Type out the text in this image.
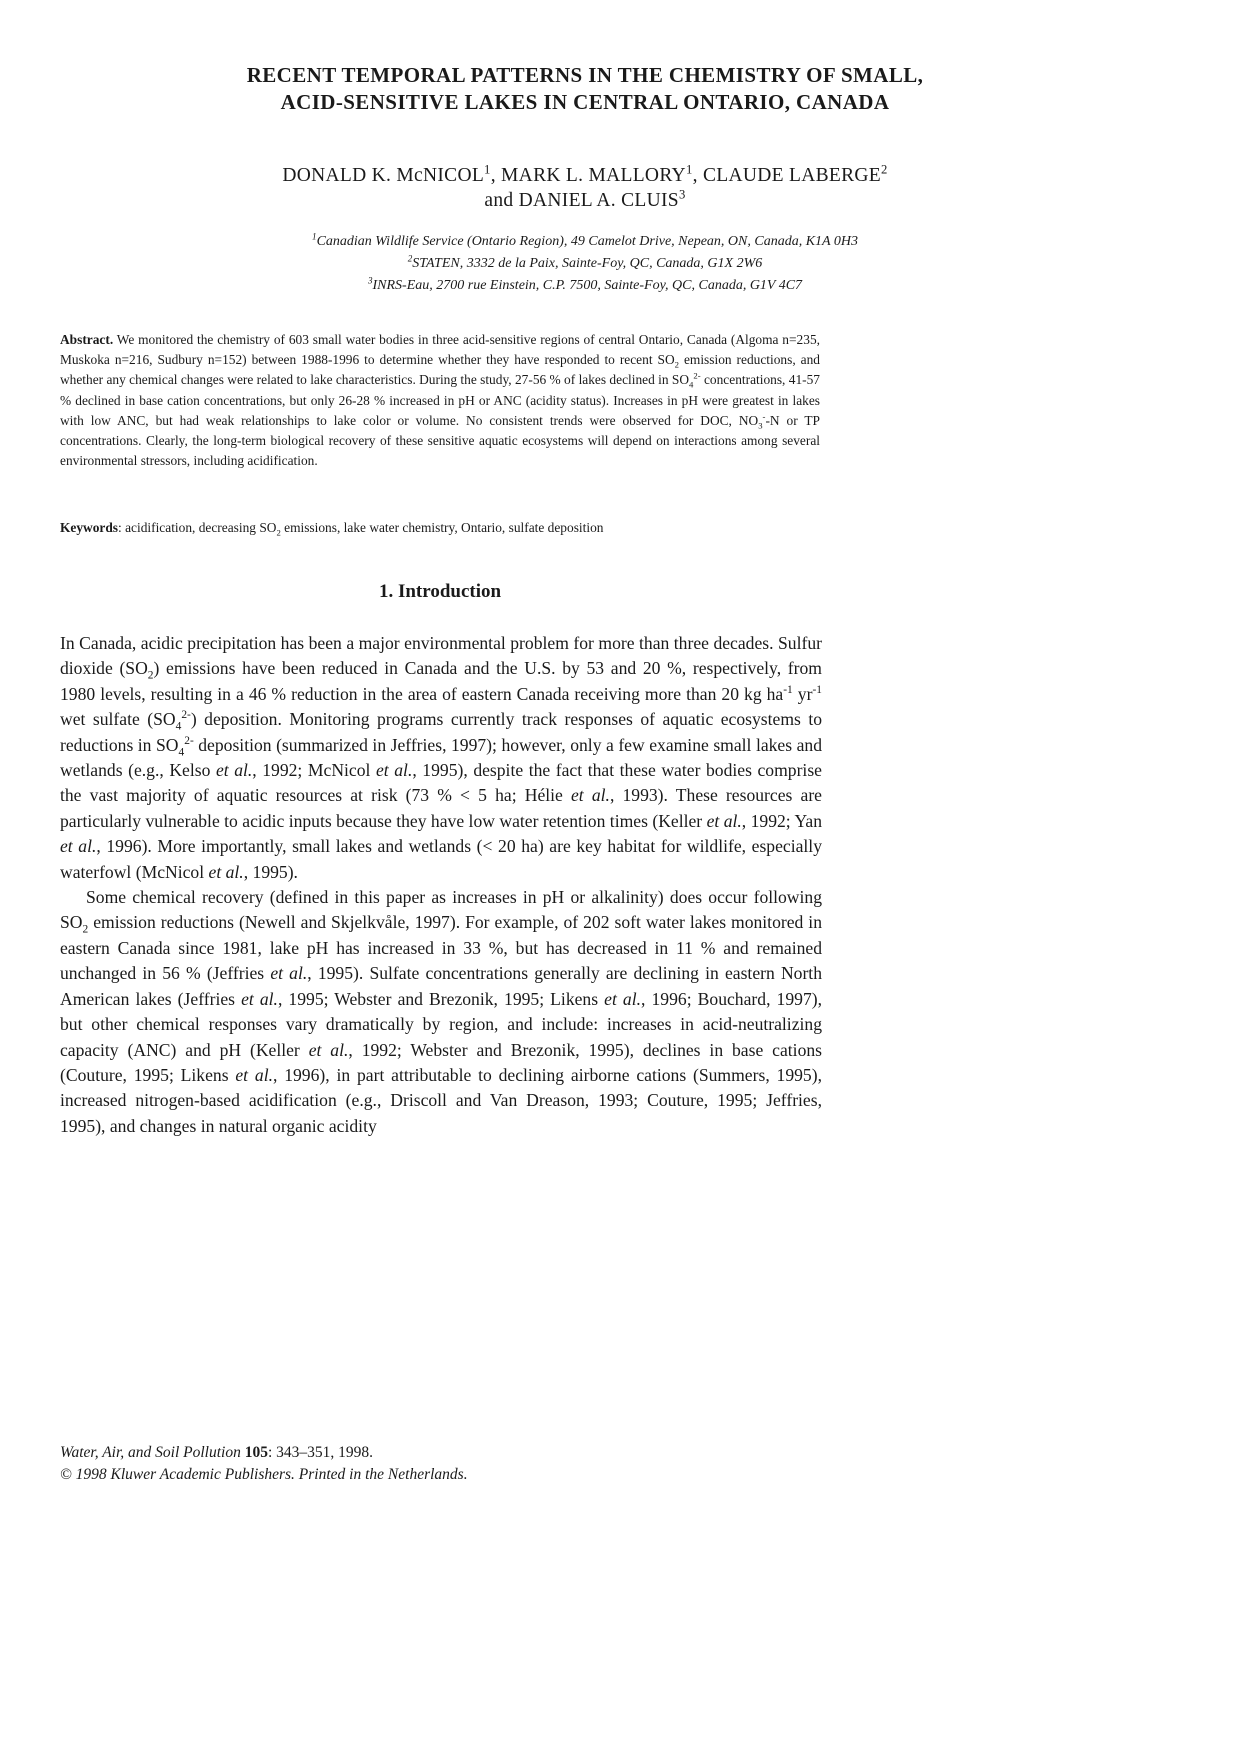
RECENT TEMPORAL PATTERNS IN THE CHEMISTRY OF SMALL,
ACID-SENSITIVE LAKES IN CENTRAL ONTARIO, CANADA
DONALD K. McNICOL$^1$, MARK L. MALLORY$^1$, CLAUDE LABERGE$^2$
and DANIEL A. CLUIS$^3$
$^1$Canadian Wildlife Service (Ontario Region), 49 Camelot Drive, Nepean, ON, Canada, K1A 0H3
$^2$STATEN, 3332 de la Paix, Sainte-Foy, QC, Canada, G1X 2W6
$^3$INRS-Eau, 2700 rue Einstein, C.P. 7500, Sainte-Foy, QC, Canada, G1V 4C7
Abstract. We monitored the chemistry of 603 small water bodies in three acid-sensitive regions of central Ontario, Canada (Algoma n=235, Muskoka n=216, Sudbury n=152) between 1988-1996 to determine whether they have responded to recent $SO_2$ emission reductions, and whether any chemical changes were related to lake characteristics. During the study, 27-56 % of lakes declined in $SO_4^{2-}$ concentrations, 41-57 % declined in base cation concentrations, but only 26-28 % increased in pH or ANC (acidity status). Increases in pH were greatest in lakes with low ANC, but had weak relationships to lake color or volume. No consistent trends were observed for DOC, $NO_3^--N$ or TP concentrations. Clearly, the long-term biological recovery of these sensitive aquatic ecosystems will depend on interactions among several environmental stressors, including acidification.
Keywords: acidification, decreasing $SO_2$ emissions, lake water chemistry, Ontario, sulfate deposition
1. Introduction

In Canada, acidic precipitation has been a major environmental problem for more than three decades. Sulfur dioxide $(SO_2)$ emissions have been reduced in Canada and the U.S. by 53 and 20 %, respectively, from 1980 levels, resulting in a 46 % reduction in the area of eastern Canada receiving more than 20 kg $ha^{-1}$ $yr^{-1}$ wet sulfate $(SO_4^{2-})$ deposition. Monitoring programs currently track responses of aquatic ecosystems to reductions in $SO_4^{2-}$ deposition (summarized in Jeffries, 1997); however, only a few examine small lakes and wetlands (e.g., Kelso et al., 1992; McNicol et al., 1995), despite the fact that these water bodies comprise the vast majority of aquatic resources at risk (73 % < 5 ha; Hélie et al., 1993). These resources are particularly vulnerable to acidic inputs because they have low water retention times (Keller et al., 1992; Yan et al., 1996). More importantly, small lakes and wetlands (< 20 ha) are key habitat for wildlife, especially waterfowl (McNicol et al., 1995).

Some chemical recovery (defined in this paper as increases in pH or alkalinity) does occur following $SO_2$ emission reductions (Newell and Skjelkvåle, 1997). For example, of 202 soft water lakes monitored in eastern Canada since 1981, lake pH has increased in 33 %, but has decreased in 11 % and remained unchanged in 56 % (Jeffries et al., 1995). Sulfate concentrations generally are declining in eastern North American lakes (Jeffries et al., 1995; Webster and Brezonik, 1995; Likens et al., 1996; Bouchard, 1997), but other chemical responses vary dramatically by region, and include: increases in acid-neutralizing capacity (ANC) and pH (Keller et al., 1992; Webster and Brezonik, 1995), declines in base cations (Couture, 1995; Likens et al., 1996), in part attributable to declining airborne cations (Summers, 1995), increased nitrogen-based acidification (e.g., Driscoll and Van Dreason, 1993; Couture, 1995; Jeffries, 1995), and changes in natural organic acidity

Water, Air, and Soil Pollution 105: 343–351, 1998.
© 1998 Kluwer Academic Publishers. Printed in the Netherlands.
